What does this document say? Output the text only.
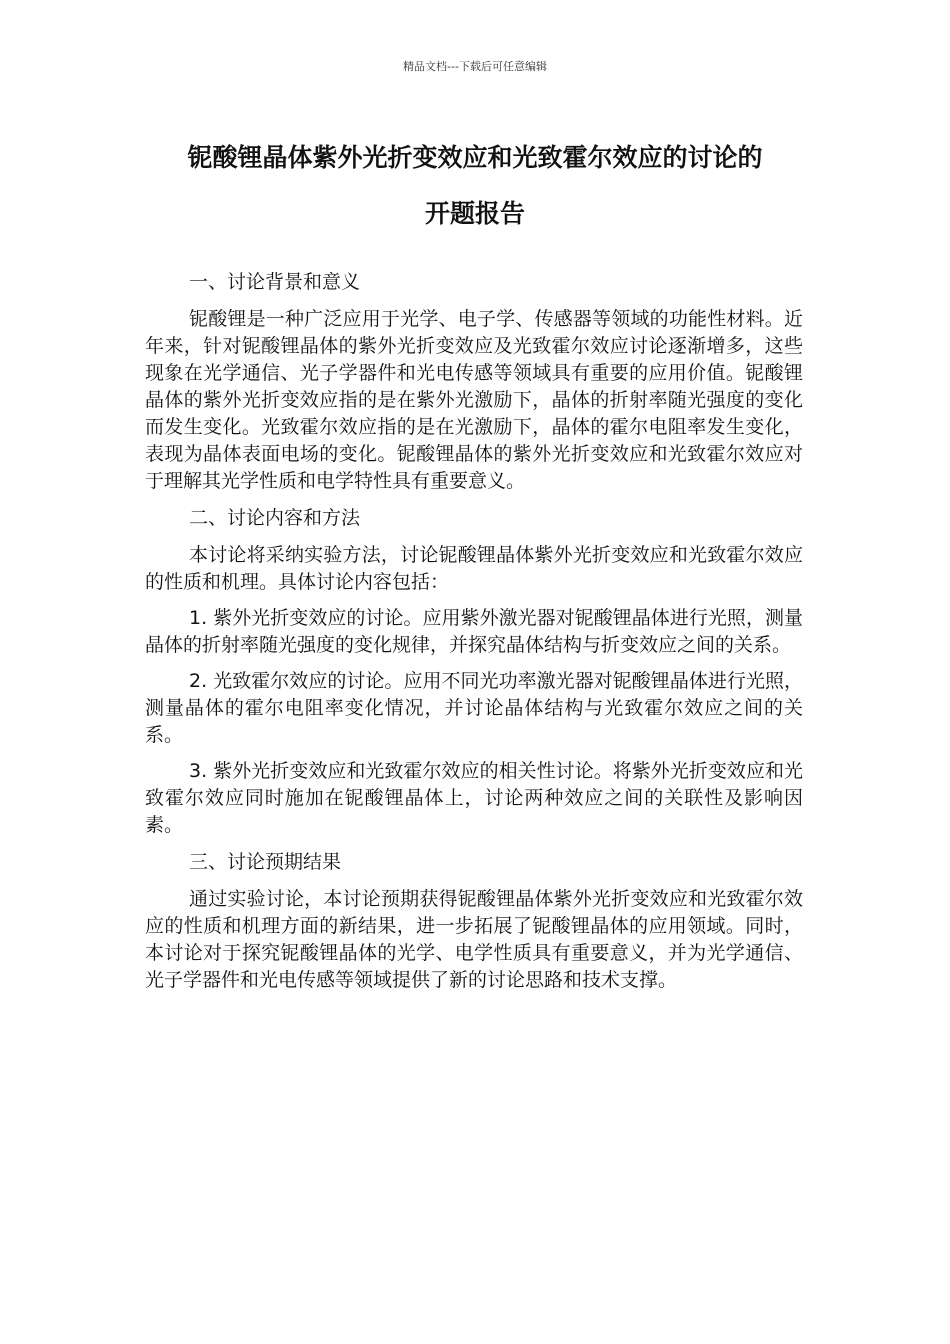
精品文档---下载后可任意编辑
铌酸锂晶体紫外光折变效应和光致霍尔效应的讨论的
开题报告

一、讨论背景和意义

铌酸锂是一种广泛应用于光学、电子学、传感器等领域的功能性材料。近年来，针对铌酸锂晶体的紫外光折变效应及光致霍尔效应讨论逐渐增多，这些现象在光学通信、光子学器件和光电传感等领域具有重要的应用价值。铌酸锂晶体的紫外光折变效应指的是在紫外光激励下，晶体的折射率随光强度的变化而发生变化。光致霍尔效应指的是在光激励下，晶体的霍尔电阻率发生变化，表现为晶体表面电场的变化。铌酸锂晶体的紫外光折变效应和光致霍尔效应对于理解其光学性质和电学特性具有重要意义。

二、讨论内容和方法

本讨论将采纳实验方法，讨论铌酸锂晶体紫外光折变效应和光致霍尔效应的性质和机理。具体讨论内容包括：

1. 紫外光折变效应的讨论。应用紫外激光器对铌酸锂晶体进行光照，测量晶体的折射率随光强度的变化规律，并探究晶体结构与折变效应之间的关系。

2. 光致霍尔效应的讨论。应用不同光功率激光器对铌酸锂晶体进行光照，测量晶体的霍尔电阻率变化情况，并讨论晶体结构与光致霍尔效应之间的关系。

3. 紫外光折变效应和光致霍尔效应的相关性讨论。将紫外光折变效应和光致霍尔效应同时施加在铌酸锂晶体上，讨论两种效应之间的关联性及影响因素。

三、讨论预期结果

通过实验讨论，本讨论预期获得铌酸锂晶体紫外光折变效应和光致霍尔效应的性质和机理方面的新结果，进一步拓展了铌酸锂晶体的应用领域。同时，本讨论对于探究铌酸锂晶体的光学、电学性质具有重要意义，并为光学通信、光子学器件和光电传感等领域提供了新的讨论思路和技术支撑。
